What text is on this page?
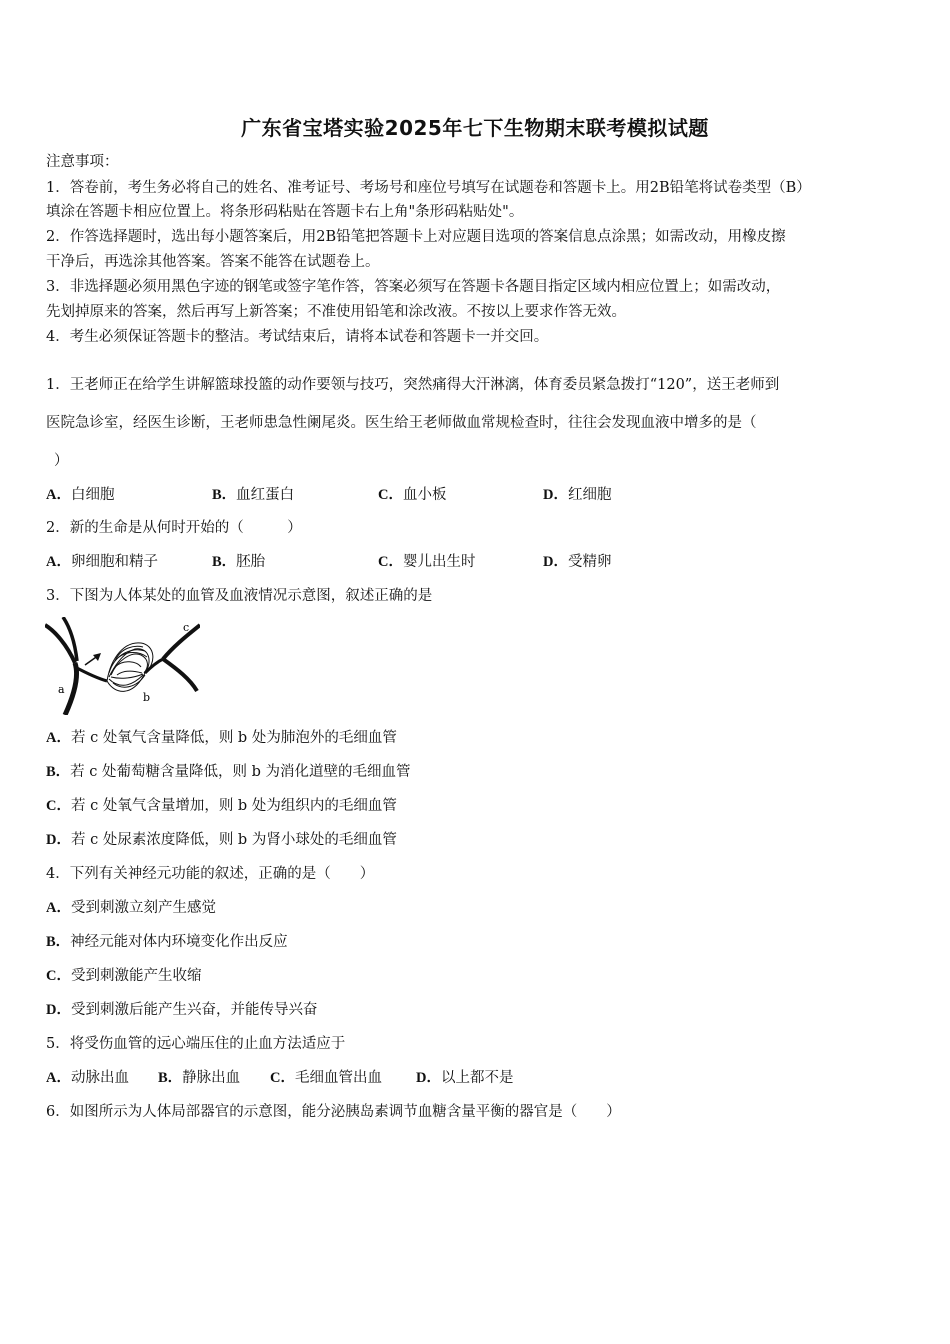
广东省宝塔实验2025年七下生物期末联考模拟试题
注意事项：
1．答卷前，考生务必将自己的姓名、准考证号、考场号和座位号填写在试题卷和答题卡上。用2B铅笔将试卷类型（B）
填涂在答题卡相应位置上。将条形码粘贴在答题卡右上角"条形码粘贴处"。
2．作答选择题时，选出每小题答案后，用2B铅笔把答题卡上对应题目选项的答案信息点涂黑；如需改动，用橡皮擦
干净后，再选涂其他答案。答案不能答在试题卷上。
3．非选择题必须用黑色字迹的钢笔或签字笔作答，答案必须写在答题卡各题目指定区域内相应位置上；如需改动，
先划掉原来的答案，然后再写上新答案；不准使用铅笔和涂改液。不按以上要求作答无效。
4．考生必须保证答题卡的整洁。考试结束后，请将本试卷和答题卡一并交回。
1．王老师正在给学生讲解篮球投篮的动作要领与技巧，突然痛得大汗淋漓，体育委员紧急拨打“120”，送王老师到
医院急诊室，经医生诊断，王老师患急性阑尾炎。医生给王老师做血常规检查时，往往会发现血液中增多的是（
）
A．白细胞	B．血红蛋白	C．血小板	D．红细胞
2．新的生命是从何时开始的（　　　）
A．卵细胞和精子	B．胚胎	C．婴儿出生时	D．受精卵
3．下图为人体某处的血管及血液情况示意图，叙述正确的是
a
b
c
A．若 c 处氧气含量降低，则 b 处为肺泡外的毛细血管
B．若 c 处葡萄糖含量降低，则 b 为消化道壁的毛细血管
C．若 c 处氧气含量增加，则 b 处为组织内的毛细血管
D．若 c 处尿素浓度降低，则 b 为肾小球处的毛细血管
4．下列有关神经元功能的叙述，正确的是（　　）
A．受到刺激立刻产生感觉
B．神经元能对体内环境变化作出反应
C．受到刺激能产生收缩
D．受到刺激后能产生兴奋，并能传导兴奋
5．将受伤血管的远心端压住的止血方法适应于
A．动脉出血 B．静脉出血 C．毛细血管出血 D．以上都不是
6．如图所示为人体局部器官的示意图，能分泌胰岛素调节血糖含量平衡的器官是（　　）
